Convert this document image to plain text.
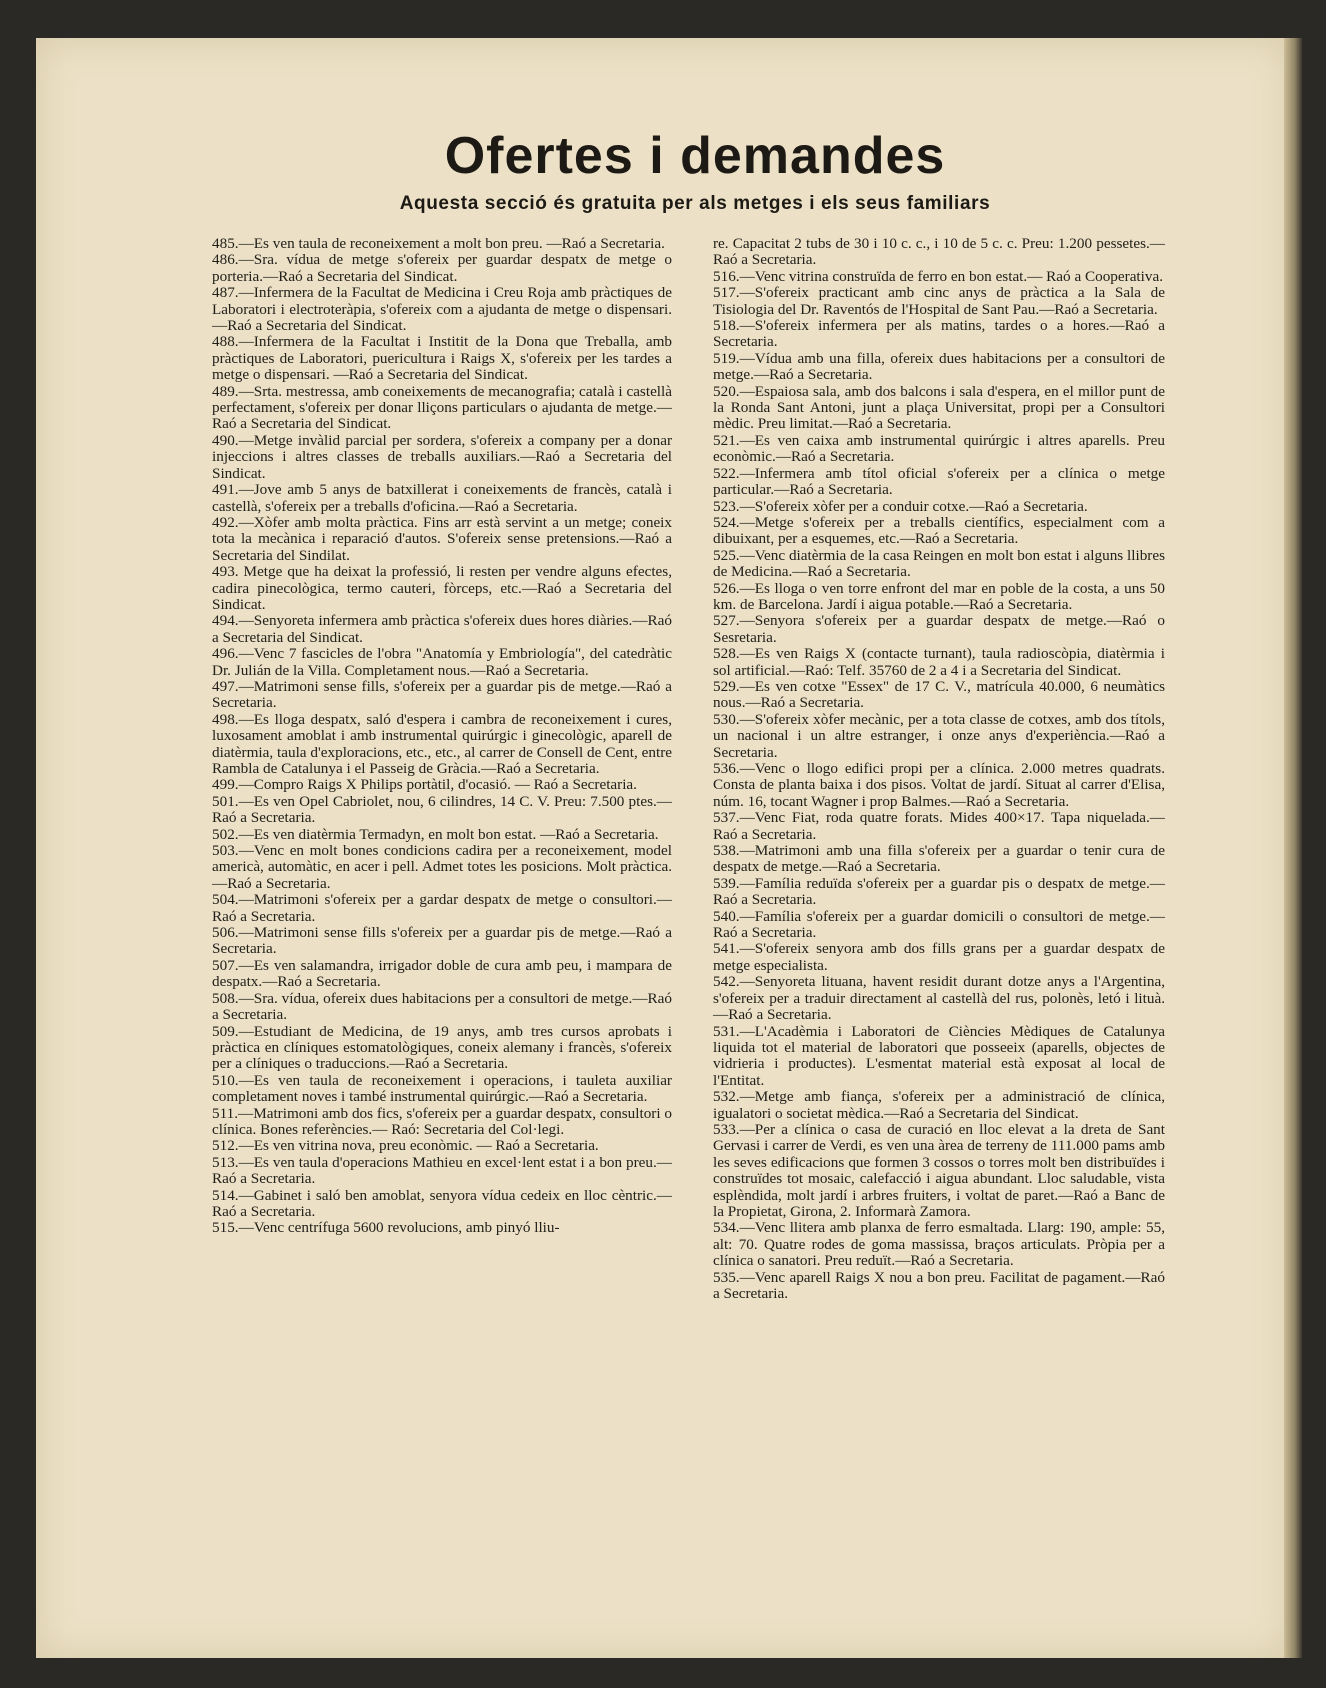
Ofertes i demandes
Aquesta secció és gratuita per als metges i els seus familiars

485.—Es ven taula de reconeixement a molt bon preu. —Raó a Secretaria.

486.—Sra. vídua de metge s'ofereix per guardar despatx de metge o porteria.—Raó a Secretaria del Sindicat.

487.—Infermera de la Facultat de Medicina i Creu Roja amb pràctiques de Laboratori i electroteràpia, s'ofereix com a ajudanta de metge o dispensari.—Raó a Secretaria del Sindicat.

488.—Infermera de la Facultat i Institit de la Dona que Treballa, amb pràctiques de Laboratori, puericultura i Raigs X, s'ofereix per les tardes a metge o dispensari. —Raó a Secretaria del Sindicat.

489.—Srta. mestressa, amb coneixements de mecanografia; català i castellà perfectament, s'ofereix per donar lliçons particulars o ajudanta de metge.—Raó a Secretaria del Sindicat.

490.—Metge invàlid parcial per sordera, s'ofereix a company per a donar injeccions i altres classes de treballs auxiliars.—Raó a Secretaria del Sindicat.

491.—Jove amb 5 anys de batxillerat i coneixements de francès, català i castellà, s'ofereix per a treballs d'oficina.—Raó a Secretaria.

492.—Xòfer amb molta pràctica. Fins arr està servint a un metge; coneix tota la mecànica i reparació d'autos. S'ofereix sense pretensions.—Raó a Secretaria del Sindilat.

493. Metge que ha deixat la professió, li resten per vendre alguns efectes, cadira pinecològica, termo cauteri, fòrceps, etc.—Raó a Secretaria del Sindicat.

494.—Senyoreta infermera amb pràctica s'ofereix dues hores diàries.—Raó a Secretaria del Sindicat.

496.—Venc 7 fascicles de l'obra "Anatomía y Embriología", del catedràtic Dr. Julián de la Villa. Completament nous.—Raó a Secretaria.

497.—Matrimoni sense fills, s'ofereix per a guardar pis de metge.—Raó a Secretaria.

498.—Es lloga despatx, saló d'espera i cambra de reconeixement i cures, luxosament amoblat i amb instrumental quirúrgic i ginecològic, aparell de diatèrmia, taula d'exploracions, etc., etc., al carrer de Consell de Cent, entre Rambla de Catalunya i el Passeig de Gràcia.—Raó a Secretaria.

499.—Compro Raigs X Philips portàtil, d'ocasió. — Raó a Secretaria.

501.—Es ven Opel Cabriolet, nou, 6 cilindres, 14 C. V. Preu: 7.500 ptes.—Raó a Secretaria.

502.—Es ven diatèrmia Termadyn, en molt bon estat. —Raó a Secretaria.

503.—Venc en molt bones condicions cadira per a reconeixement, model americà, automàtic, en acer i pell. Admet totes les posicions. Molt pràctica.—Raó a Secretaria.

504.—Matrimoni s'ofereix per a gardar despatx de metge o consultori.—Raó a Secretaria.

506.—Matrimoni sense fills s'ofereix per a guardar pis de metge.—Raó a Secretaria.

507.—Es ven salamandra, irrigador doble de cura amb peu, i mampara de despatx.—Raó a Secretaria.

508.—Sra. vídua, ofereix dues habitacions per a consultori de metge.—Raó a Secretaria.

509.—Estudiant de Medicina, de 19 anys, amb tres cursos aprobats i pràctica en clíniques estomatològiques, coneix alemany i francès, s'ofereix per a clíniques o traduccions.—Raó a Secretaria.

510.—Es ven taula de reconeixement i operacions, i tauleta auxiliar completament noves i també instrumental quirúrgic.—Raó a Secretaria.

511.—Matrimoni amb dos fics, s'ofereix per a guardar despatx, consultori o clínica. Bones referències.— Raó: Secretaria del Col·legi.

512.—Es ven vitrina nova, preu econòmic. — Raó a Secretaria.

513.—Es ven taula d'operacions Mathieu en excel·lent estat i a bon preu.—Raó a Secretaria.

514.—Gabinet i saló ben amoblat, senyora vídua cedeix en lloc cèntric.—Raó a Secretaria.

515.—Venc centrífuga 5600 revolucions, amb pinyó lliu-

re. Capacitat 2 tubs de 30 i 10 c. c., i 10 de 5 c. c. Preu: 1.200 pessetes.—Raó a Secretaria.

516.—Venc vitrina construïda de ferro en bon estat.— Raó a Cooperativa.

517.—S'ofereix practicant amb cinc anys de pràctica a la Sala de Tisiologia del Dr. Raventós de l'Hospital de Sant Pau.—Raó a Secretaria.

518.—S'ofereix infermera per als matins, tardes o a hores.—Raó a Secretaria.

519.—Vídua amb una filla, ofereix dues habitacions per a consultori de metge.—Raó a Secretaria.

520.—Espaiosa sala, amb dos balcons i sala d'espera, en el millor punt de la Ronda Sant Antoni, junt a plaça Universitat, propi per a Consultori mèdic. Preu limitat.—Raó a Secretaria.

521.—Es ven caixa amb instrumental quirúrgic i altres aparells. Preu econòmic.—Raó a Secretaria.

522.—Infermera amb títol oficial s'ofereix per a clínica o metge particular.—Raó a Secretaria.

523.—S'ofereix xòfer per a conduir cotxe.—Raó a Secretaria.

524.—Metge s'ofereix per a treballs científics, especialment com a dibuixant, per a esquemes, etc.—Raó a Secretaria.

525.—Venc diatèrmia de la casa Reingen en molt bon estat i alguns llibres de Medicina.—Raó a Secretaria.

526.—Es lloga o ven torre enfront del mar en poble de la costa, a uns 50 km. de Barcelona. Jardí i aigua potable.—Raó a Secretaria.

527.—Senyora s'ofereix per a guardar despatx de metge.—Raó o Sesretaria.

528.—Es ven Raigs X (contacte turnant), taula radioscòpia, diatèrmia i sol artificial.—Raó: Telf. 35760 de 2 a 4 i a Secretaria del Sindicat.

529.—Es ven cotxe "Essex" de 17 C. V., matrícula 40.000, 6 neumàtics nous.—Raó a Secretaria.

530.—S'ofereix xòfer mecànic, per a tota classe de cotxes, amb dos títols, un nacional i un altre estranger, i onze anys d'experiència.—Raó a Secretaria.

536.—Venc o llogo edifici propi per a clínica. 2.000 metres quadrats. Consta de planta baixa i dos pisos. Voltat de jardí. Situat al carrer d'Elisa, núm. 16, tocant Wagner i prop Balmes.—Raó a Secretaria.

537.—Venc Fiat, roda quatre forats. Mides 400×17. Tapa niquelada.—Raó a Secretaria.

538.—Matrimoni amb una filla s'ofereix per a guardar o tenir cura de despatx de metge.—Raó a Secretaria.

539.—Família reduïda s'ofereix per a guardar pis o despatx de metge.—Raó a Secretaria.

540.—Família s'ofereix per a guardar domicili o consultori de metge.—Raó a Secretaria.

541.—S'ofereix senyora amb dos fills grans per a guardar despatx de metge especialista.

542.—Senyoreta lituana, havent residit durant dotze anys a l'Argentina, s'ofereix per a traduir directament al castellà del rus, polonès, letó i lituà.—Raó a Secretaria.

531.—L'Acadèmia i Laboratori de Ciències Mèdiques de Catalunya liquida tot el material de laboratori que posseeix (aparells, objectes de vidrieria i productes). L'esmentat material està exposat al local de l'Entitat.

532.—Metge amb fiança, s'ofereix per a administració de clínica, igualatori o societat mèdica.—Raó a Secretaria del Sindicat.

533.—Per a clínica o casa de curació en lloc elevat a la dreta de Sant Gervasi i carrer de Verdi, es ven una àrea de terreny de 111.000 pams amb les seves edificacions que formen 3 cossos o torres molt ben distribuïdes i construïdes tot mosaic, calefacció i aigua abundant. Lloc saludable, vista esplèndida, molt jardí i arbres fruiters, i voltat de paret.—Raó a Banc de la Propietat, Girona, 2. Informarà Zamora.

534.—Venc llitera amb planxa de ferro esmaltada. Llarg: 190, ample: 55, alt: 70. Quatre rodes de goma massissa, braços articulats. Pròpia per a clínica o sanatori. Preu reduït.—Raó a Secretaria.

535.—Venc aparell Raigs X nou a bon preu. Facilitat de pagament.—Raó a Secretaria.
